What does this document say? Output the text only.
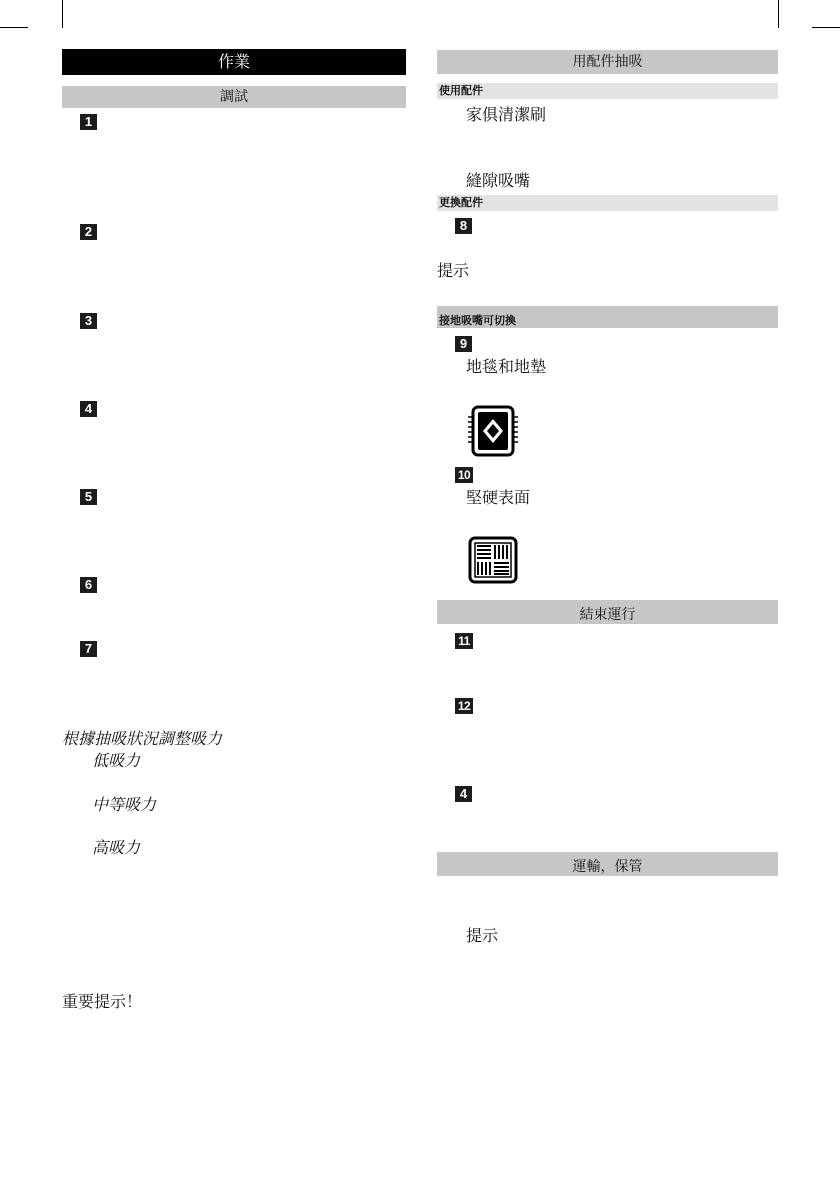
作業
調試
1
2
3
4
5
6
7
根據抽吸狀況調整吸力
低吸力
中等吸力
高吸力
重要提示！
用配件抽吸
使用配件
家俱清潔刷
縫隙吸嘴
更換配件
8
提示
接地吸嘴可切換
9
地毯和地墊
10
堅硬表面
結束運行
11
12
4
運輸，保管
提示
